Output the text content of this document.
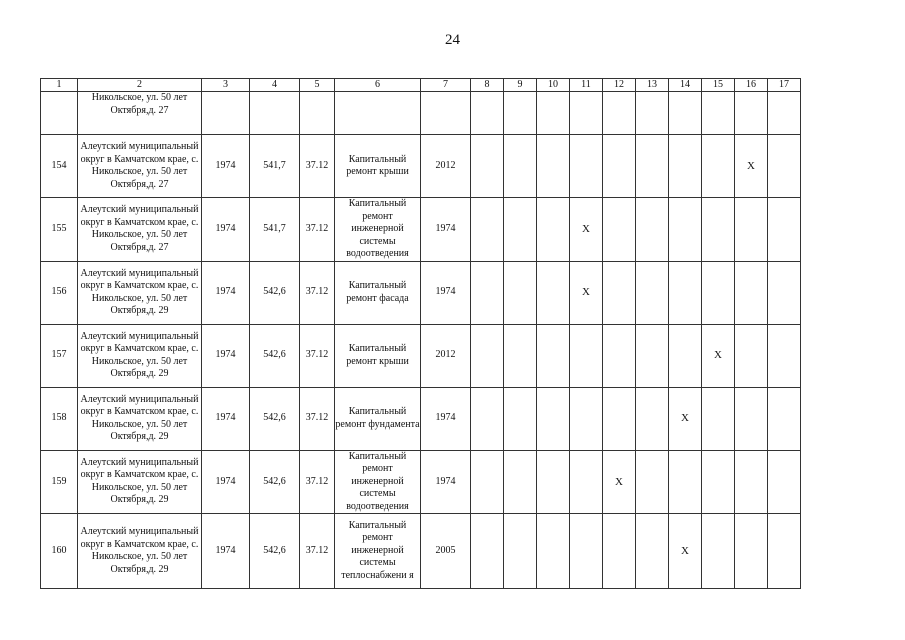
24
1	2	3	4	5	6	7	8	9	10	11	12	13	14	15	16	17
	Никольское, ул. 50 лет Октября,д. 27															
154	Алеутский муниципальный округ в Камчатском крае, с. Никольское, ул. 50 лет Октября,д. 27	1974	541,7	37.12	Капитальный ремонт крыши	2012									X	
155	Алеутский муниципальный округ в Камчатском крае, с. Никольское, ул. 50 лет Октября,д. 27	1974	541,7	37.12	Капитальный ремонт инженерной системы водоотведения	1974				X						
156	Алеутский муниципальный округ в Камчатском крае, с. Никольское, ул. 50 лет Октября,д. 29	1974	542,6	37.12	Капитальный ремонт фасада	1974				X						
157	Алеутский муниципальный округ в Камчатском крае, с. Никольское, ул. 50 лет Октября,д. 29	1974	542,6	37.12	Капитальный ремонт крыши	2012								X		
158	Алеутский муниципальный округ в Камчатском крае, с. Никольское, ул. 50 лет Октября,д. 29	1974	542,6	37.12	Капитальный ремонт фундамента	1974							X			
159	Алеутский муниципальный округ в Камчатском крае, с. Никольское, ул. 50 лет Октября,д. 29	1974	542,6	37.12	Капитальный ремонт инженерной системы водоотведения	1974					X					
160	Алеутский муниципальный округ в Камчатском крае, с. Никольское, ул. 50 лет Октября,д. 29	1974	542,6	37.12	Капитальный ремонт инженерной системы теплоснабжени я	2005							X			
